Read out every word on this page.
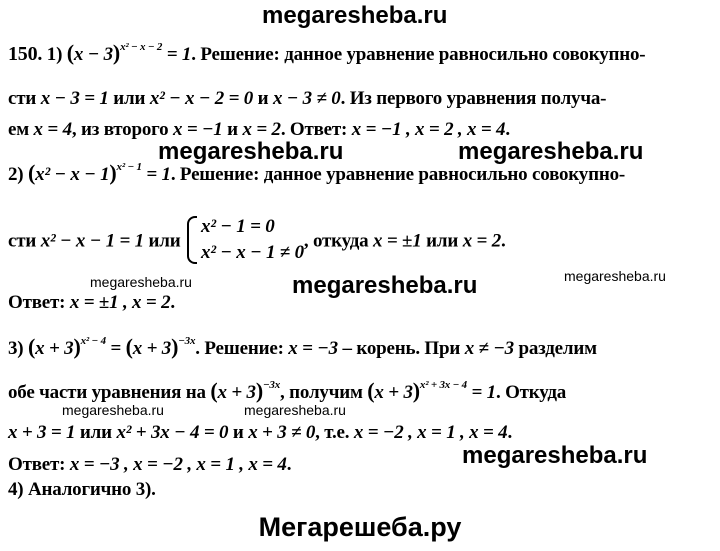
megaresheba.ru
megaresheba.ru	megaresheba.ru
megaresheba.ru	megaresheba.ru	megaresheba.ru
megaresheba.ru	megaresheba.ru
megaresheba.ru
150. 1) $(x - 3)^{x^2 - x - 2} = 1$. Решение: данное уравнение равносильно совокупно-
сти x − 3 = 1 или x² − x − 2 = 0 и x − 3 ≠ 0. Из первого уравнения получа-
ем x = 4, из второго x = −1 и x = 2. Ответ: x = −1 , x = 2 , x = 4.
2) $(x^2 - x - 1)^{x^2 - 1} = 1$. Решение: данное уравнение равносильно совокупно-
сти x² − x − 1 = 1 или
x² − 1 = 0
x² − x − 1 ≠ 0
, откуда x = ±1 или x = 2.
Ответ: x = ±1 , x = 2.
3) $(x + 3)^{x^2 - 4} = (x + 3)^{-3x}$. Решение: x = −3 – корень. При x ≠ −3 разделим
обе части уравнения на $(x + 3)^{-3x}$, получим $(x + 3)^{x^2 + 3x - 4} = 1$. Откуда
x + 3 = 1 или x² + 3x − 4 = 0 и x + 3 ≠ 0, т.е. x = −2 , x = 1 , x = 4.
Ответ: x = −3 , x = −2 , x = 1 , x = 4.
4) Аналогично 3).
Мегарешеба.ру
